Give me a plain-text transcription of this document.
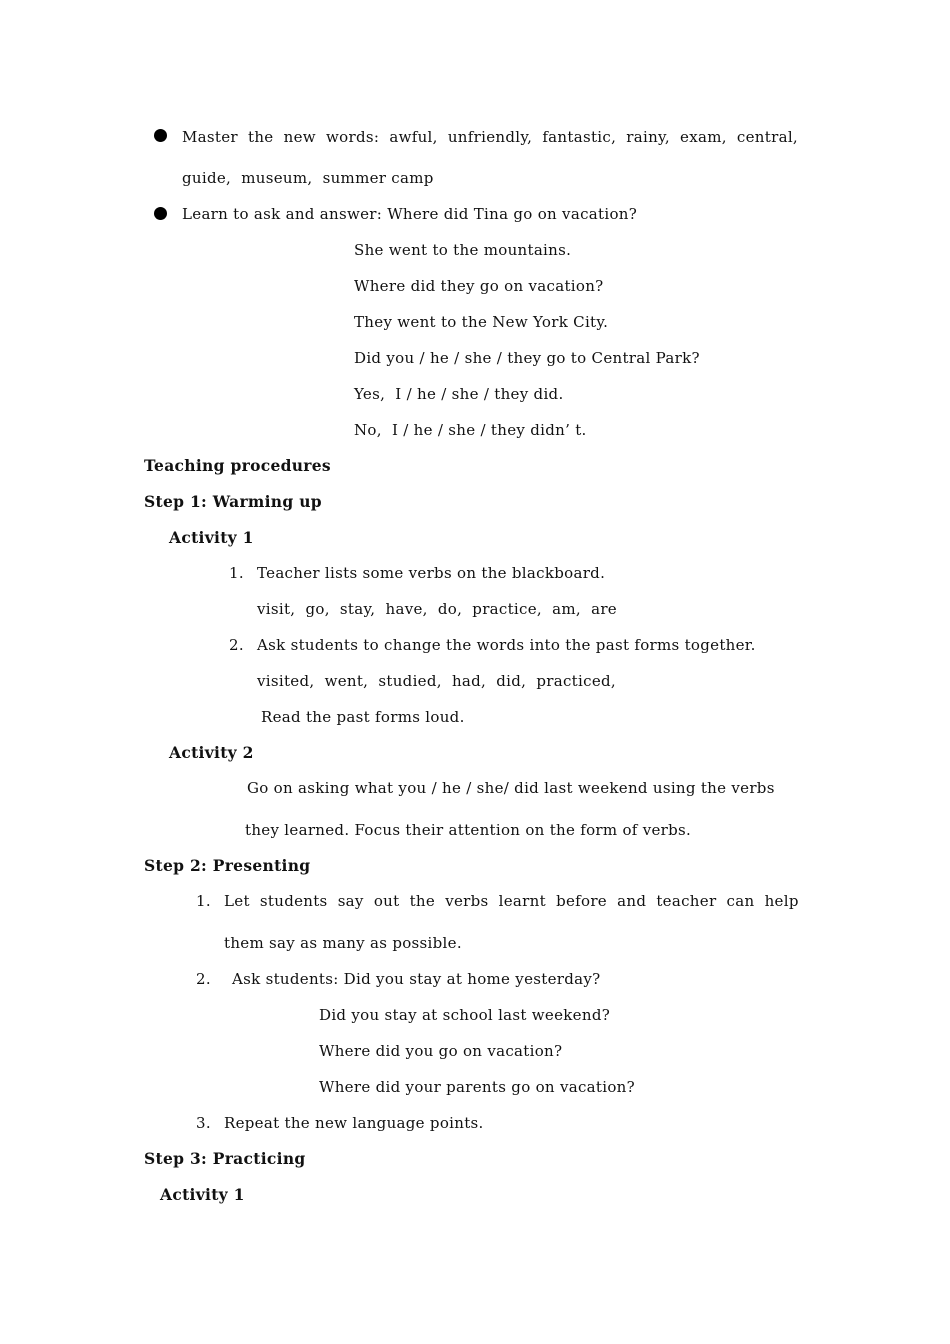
Master  the  new  words:  awful,  unfriendly,  fantastic,  rainy,  exam,  central,
guide,  museum,  summer camp
Learn to ask and answer: Where did Tina go on vacation?
She went to the mountains.
Where did they go on vacation?
They went to the New York City.
Did you / he / she / they go to Central Park?
Yes,  I / he / she / they did.
No,  I / he / she / they didn’ t.
Teaching procedures
Step 1: Warming up
Activity 1
1. Teacher lists some verbs on the blackboard.
visit,  go,  stay,  have,  do,  practice,  am,  are
2. Ask students to change the words into the past forms together.
visited,  went,  studied,  had,  did,  practiced,
Read the past forms loud.
Activity 2
Go on asking what you / he / she/ did last weekend using the verbs
they learned. Focus their attention on the form of verbs.
Step 2: Presenting
1. Let  students  say  out  the  verbs  learnt  before  and  teacher  can  help
them say as many as possible.
2. Ask students: Did you stay at home yesterday?
Did you stay at school last weekend?
Where did you go on vacation?
Where did your parents go on vacation?
3. Repeat the new language points.
Step 3: Practicing
Activity 1
